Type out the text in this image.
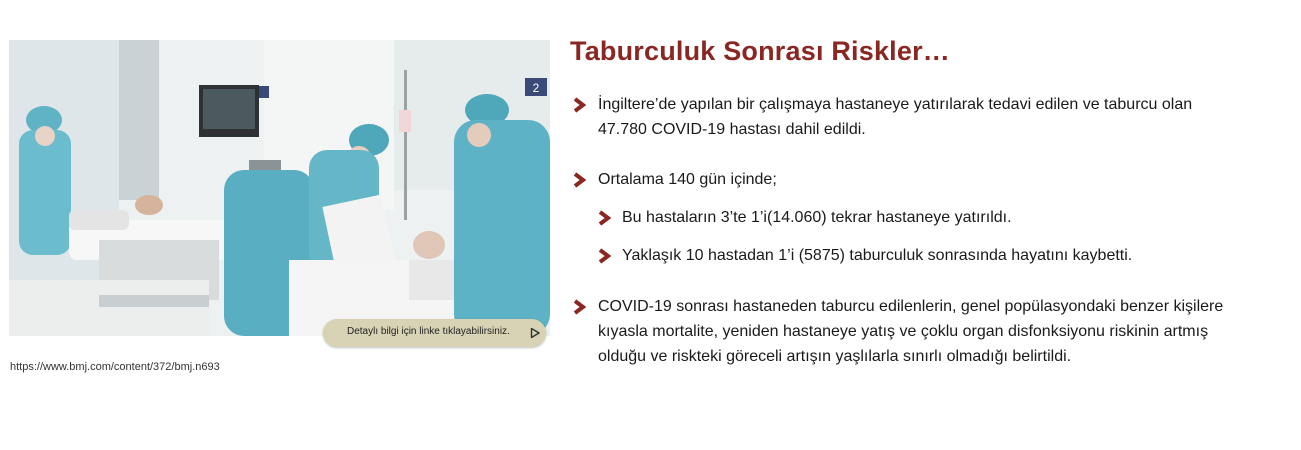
2
Detaylı bilgi için linke tıklayabilirsiniz.
https://www.bmj.com/content/372/bmj.n693
Taburculuk Sonrası Riskler…
İngiltere’de yapılan bir çalışmaya hastaneye yatırılarak tedavi edilen ve taburcu olan
47.780 COVID-19 hastası dahil edildi.
Ortalama 140 gün içinde;
Bu hastaların 3’te 1’i(14.060) tekrar hastaneye yatırıldı.
Yaklaşık 10 hastadan 1’i (5875) taburculuk sonrasında hayatını kaybetti.
COVID-19 sonrası hastaneden taburcu edilenlerin, genel popülasyondaki benzer kişilere
kıyasla mortalite, yeniden hastaneye yatış ve çoklu organ disfonksiyonu riskinin artmış
olduğu ve riskteki göreceli artışın yaşlılarla sınırlı olmadığı belirtildi.
